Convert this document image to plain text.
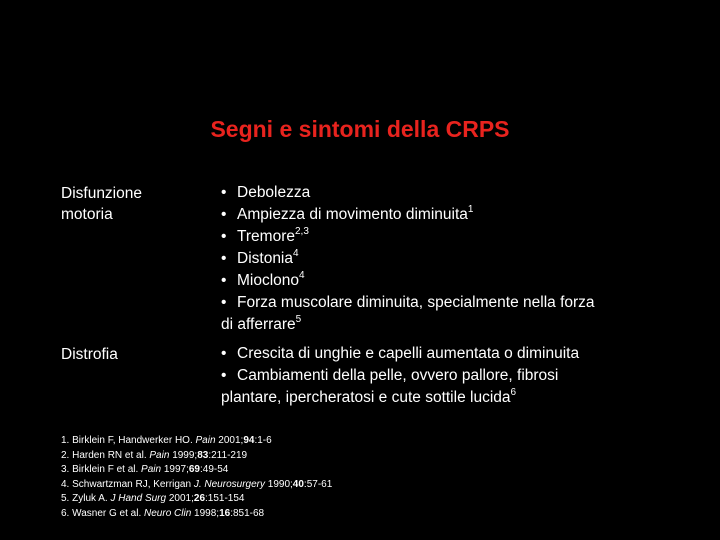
Segni e sintomi della CRPS
Disfunzione
motoria
• Debolezza
• Ampiezza di movimento diminuita$^1$
• Tremore$^{2,3}$
• Distonia$^4$
• Mioclono$^4$
• Forza muscolare diminuita, specialmente nella forza
di afferrare$^5$
Distrofia	• Crescita di unghie e capelli aumentata o diminuita
• Cambiamenti della pelle, ovvero pallore, fibrosi
plantare, ipercheratosi e cute sottile lucida$^6$
1. Birklein F, Handwerker HO. Pain 2001;94:1-6
2. Harden RN et al. Pain 1999;83:211-219
3. Birklein F et al. Pain 1997;69:49-54
4. Schwartzman RJ, Kerrigan J. Neurosurgery 1990;40:57-61
5. Zyluk A. J Hand Surg 2001;26:151-154
6. Wasner G et al. Neuro Clin 1998;16:851-68
